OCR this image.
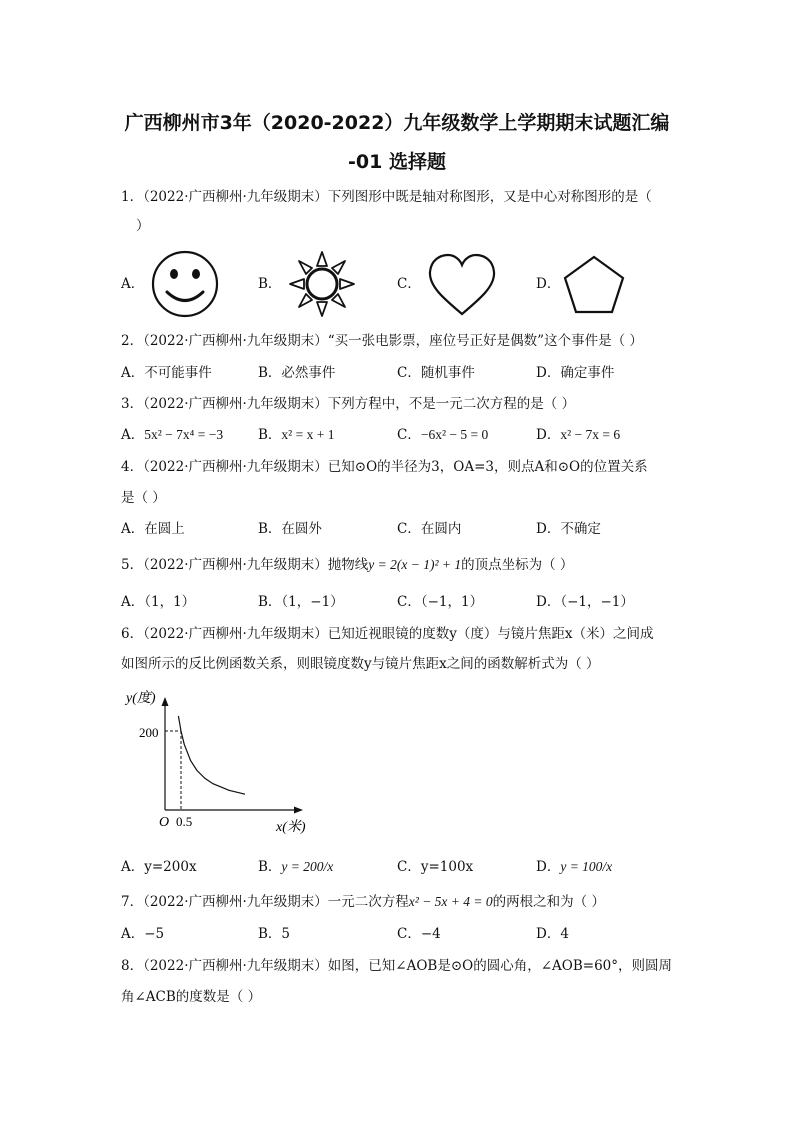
广西柳州市3年（2020-2022）九年级数学上学期期末试题汇编
-01 选择题
1．（2022·广西柳州·九年级期末）下列图形中既是轴对称图形，又是中心对称图形的是（
）
A．	B．	C．	D．
2．（2022·广西柳州·九年级期末）“买一张电影票，座位号正好是偶数”这个事件是（ ）
A．不可能事件	B．必然事件	C．随机事件	D．确定事件
3．（2022·广西柳州·九年级期末）下列方程中，不是一元二次方程的是（ ）
A．5x² − 7x⁴ = −3	B．x² = x + 1	C．−6x² − 5 = 0	D．x² − 7x = 6
4．（2022·广西柳州·九年级期末）已知⊙O的半径为3，OA=3，则点A和⊙O的位置关系
是（ ）
A．在圆上	B．在圆外	C．在圆内	D．不确定
5．（2022·广西柳州·九年级期末）抛物线y = 2(x − 1)² + 1的顶点坐标为（ ）
A．（1，1）	B．（1，−1）	C．（−1，1）	D．（−1，−1）
6．（2022·广西柳州·九年级期末）已知近视眼镜的度数y（度）与镜片焦距x（米）之间成
如图所示的反比例函数关系，则眼镜度数y与镜片焦距x之间的函数解析式为（ ）
y(度)
x(米)
O 0.5
200
A．y=200x	B．y = 200/x	C．y=100x	D．y = 100/x
7．（2022·广西柳州·九年级期末）一元二次方程x² − 5x + 4 = 0的两根之和为（ ）
A．−5	B．5	C．−4	D．4
8．（2022·广西柳州·九年级期末）如图，已知∠AOB是⊙O的圆心角，∠AOB=60°，则圆周
角∠ACB的度数是（ ）
